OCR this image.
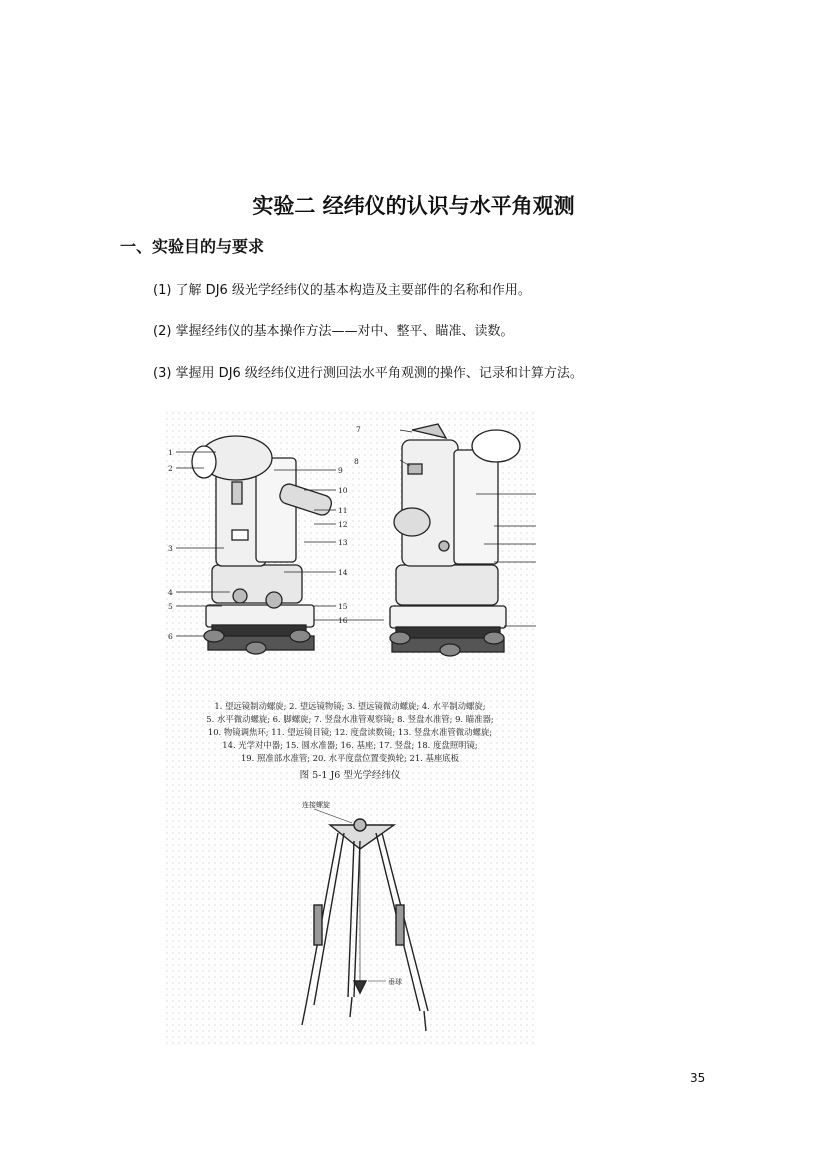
实验二 经纬仪的认识与水平角观测
一、实验目的与要求
(1) 了解 DJ6 级光学经纬仪的基本构造及主要部件的名称和作用。
(2) 掌握经纬仪的基本操作方法——对中、整平、瞄准、读数。
(3) 掌握用 DJ6 级经纬仪进行测回法水平角观测的操作、记录和计算方法。
1
2
3
4
5
6
7
8
9
10
11
12
13
14
15
16
1. 望远镜制动螺旋; 2. 望远镜物镜; 3. 望远镜微动螺旋; 4. 水平制动螺旋;
5. 水平微动螺旋; 6. 脚螺旋; 7. 竖盘水准管观察镜; 8. 竖盘水准管; 9. 瞄准器;
10. 物镜调焦环; 11. 望远镜目镜; 12. 度盘读数镜; 13. 竖盘水准管微动螺旋;
14. 光学对中器; 15. 圆水准器; 16. 基座; 17. 竖盘; 18. 度盘照明镜;
19. 照准部水准管; 20. 水平度盘位置变换轮; 21. 基座底板
图 5-1 J6 型光学经纬仪
连接螺旋
垂球
35
